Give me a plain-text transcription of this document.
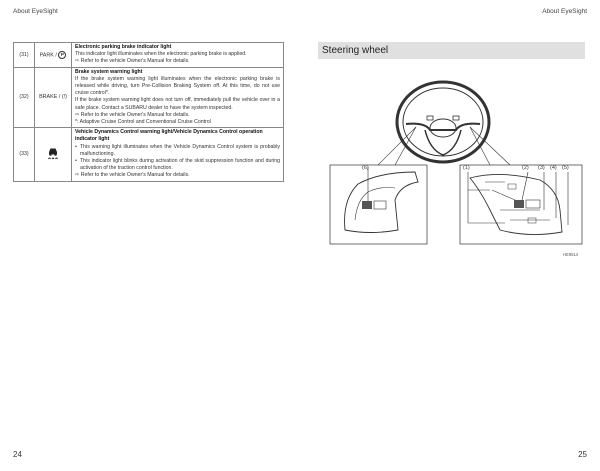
About EyeSight	About EyeSight
(31)	PARK / P	Electronic parking brake indicator light
This indicator light illuminates when the electronic parking brake is applied.
⇨ Refer to the vehicle Owner's Manual for details.

(32)	BRAKE / (!)	Brake system warning light
If the brake system warning light illuminates when the electronic parking brake is released while driving, turn Pre-Collision Braking System off. At this time, do not use cruise control*.
If the brake system warning light does not turn off, immediately pull the vehicle over in a safe place. Contact a SUBARU dealer to have the system inspected.
⇨ Refer to the vehicle Owner's Manual for details.
*: Adaptive Cruise Control and Conventional Cruise Control

(33)		Vehicle Dynamics Control warning light/Vehicle Dynamics Control operation indicator light
• This warning light illuminates when the Vehicle Dynamics Control system is probably malfunctioning.
• This indicator light blinks during activation of the skid suppression function and during activation of the traction control function.
⇨ Refer to the vehicle Owner's Manual for details.
Steering wheel
(6)	(1)	(2) (3) (4) (5)
HE9514
24	25
